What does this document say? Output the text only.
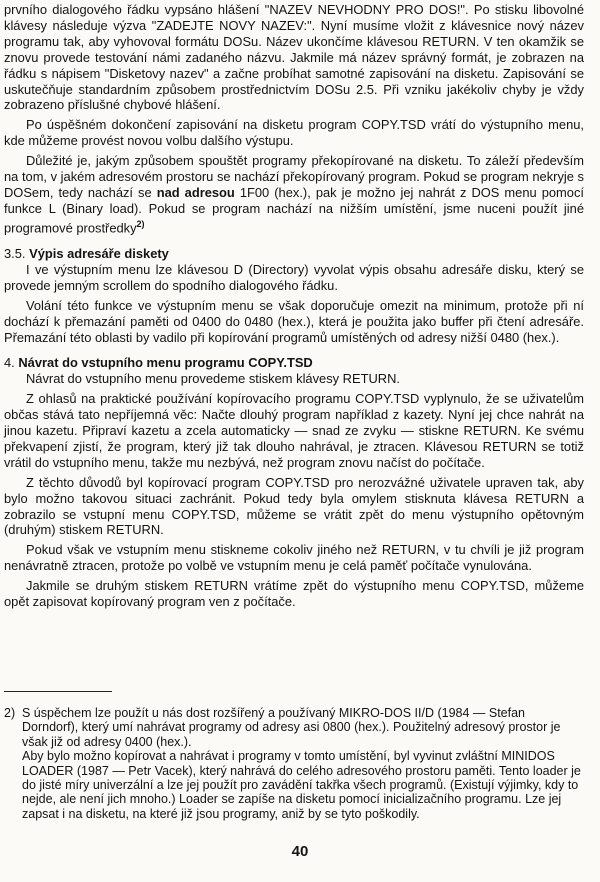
prvního dialogového řádku vypsáno hlášení "NAZEV NEVHODNY PRO DOS!". Po stisku libovolné klávesy následuje výzva "ZADEJTE NOVY NAZEV:". Nyní musíme vložit z klávesnice nový název programu tak, aby vyhovoval formátu DOSu. Název ukončíme klávesou RETURN. V ten okamžik se znovu provede testování námi zadaného názvu. Jakmile má název správný formát, je zobrazen na řádku s nápisem "Disketovy nazev" a začne probíhat samotné zapisování na disketu. Zapisování se uskutečňuje standardním způsobem prostřednictvím DOSu 2.5. Při vzniku jakékoliv chyby je vždy zobrazeno příslušné chybové hlášení.

Po úspěšném dokončení zapisování na disketu program COPY.TSD vrátí do výstupního menu, kde můžeme provést novou volbu dalšího výstupu.

Důležité je, jakým způsobem spouštět programy překopírované na disketu. To záleží především na tom, v jakém adresovém prostoru se nachází překopírovaný program. Pokud se program nekryje s DOSem, tedy nachází se nad adresou 1F00 (hex.), pak je možno jej nahrát z DOS menu pomocí funkce L (Binary load). Pokud se program nachází na nižším umístění, jsme nuceni použít jiné programové prostředky$^{2)}$

3.5. Výpis adresáře diskety

I ve výstupním menu lze klávesou D (Directory) vyvolat výpis obsahu adresáře disku, který se provede jemným scrollem do spodního dialogového řádku.

Volání této funkce ve výstupním menu se však doporučuje omezit na minimum, protože při ní dochází k přemazání paměti od 0400 do 0480 (hex.), která je použita jako buffer při čtení adresáře. Přemazání této oblasti by vadilo při kopírování programů umístěných od adresy nižší 0480 (hex.).

4. Návrat do vstupního menu programu COPY.TSD

Návrat do vstupního menu provedeme stiskem klávesy RETURN.

Z ohlasů na praktické používání kopírovacího programu COPY.TSD vyplynulo, že se uživatelům občas stává tato nepříjemná věc: Načte dlouhý program například z kazety. Nyní jej chce nahrát na jinou kazetu. Připraví kazetu a zcela automaticky — snad ze zvyku — stiskne RETURN. Ke svému překvapení zjistí, že program, který již tak dlouho nahrával, je ztracen. Klávesou RETURN se totiž vrátil do vstupního menu, takže mu nezbývá, než program znovu načíst do počítače.

Z těchto důvodů byl kopírovací program COPY.TSD pro nerozvážné uživatele upraven tak, aby bylo možno takovou situaci zachránit. Pokud tedy byla omylem stisknuta klávesa RETURN a zobrazilo se vstupní menu COPY.TSD, můžeme se vrátit zpět do menu výstupního opětovným (druhým) stiskem RETURN.

Pokud však ve vstupním menu stiskneme cokoliv jiného než RETURN, v tu chvíli je již program nenávratně ztracen, protože po volbě ve vstupním menu je celá paměť počítače vynulována.

Jakmile se druhým stiskem RETURN vrátíme zpět do výstupního menu COPY.TSD, můžeme opět zapisovat kopírovaný program ven z počítače.

2) S úspěchem lze použít u nás dost rozšířený a používaný MIKRO-DOS II/D (1984 — Stefan Dorndorf), který umí nahrávat programy od adresy asi 0800 (hex.). Použitelný adresový prostor je však již od adresy 0400 (hex.).

Aby bylo možno kopírovat a nahrávat i programy v tomto umístění, byl vyvinut zvláštní MINIDOS LOADER (1987 — Petr Vacek), který nahrává do celého adresového prostoru paměti. Tento loader je do jisté míry univerzální a lze jej použít pro zavádění takřka všech programů. (Existují výjimky, kdy to nejde, ale není jich mnoho.) Loader se zapíše na disketu pomocí inicializačního programu. Lze jej zapsat i na disketu, na které již jsou programy, aniž by se tyto poškodily.

40
